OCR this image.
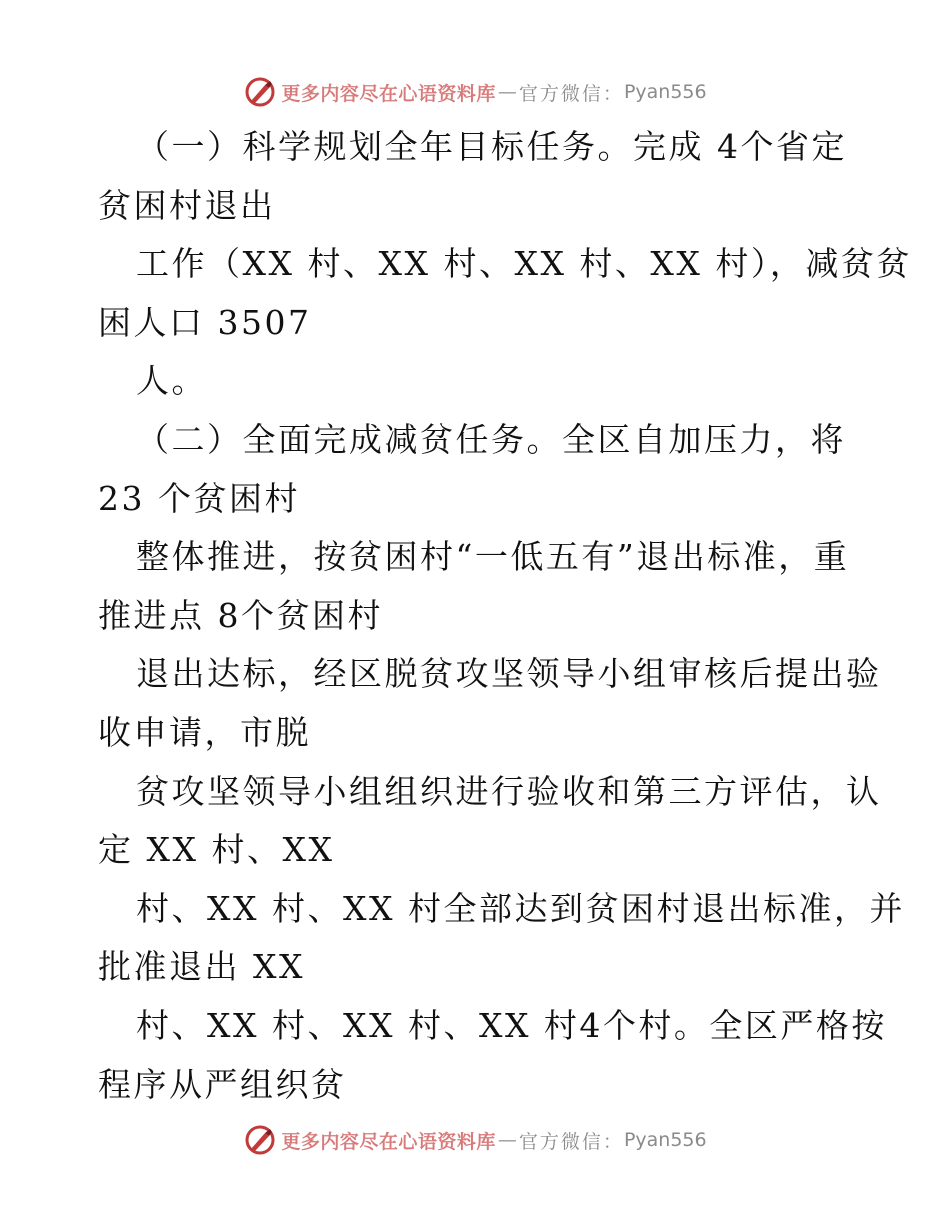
更多内容尽在心语资料库 — 官方微信： Pyan556
（一）科学规划全年目标任务。完成 4个省定
贫困村退出
工作（XX 村、XX 村、XX 村、XX 村），减贫贫
困人口 3507
人。
（二）全面完成减贫任务。全区自加压力，将
23 个贫困村
整体推进，按贫困村“一低五有”退出标准，重
推进点 8个贫困村
退出达标，经区脱贫攻坚领导小组审核后提出验
收申请，市脱
贫攻坚领导小组组织进行验收和第三方评估，认
定 XX 村、XX
村、XX 村、XX 村全部达到贫困村退出标准，并
批准退出 XX
村、XX 村、XX 村、XX 村4个村。全区严格按
程序从严组织贫
更多内容尽在心语资料库 — 官方微信： Pyan556
